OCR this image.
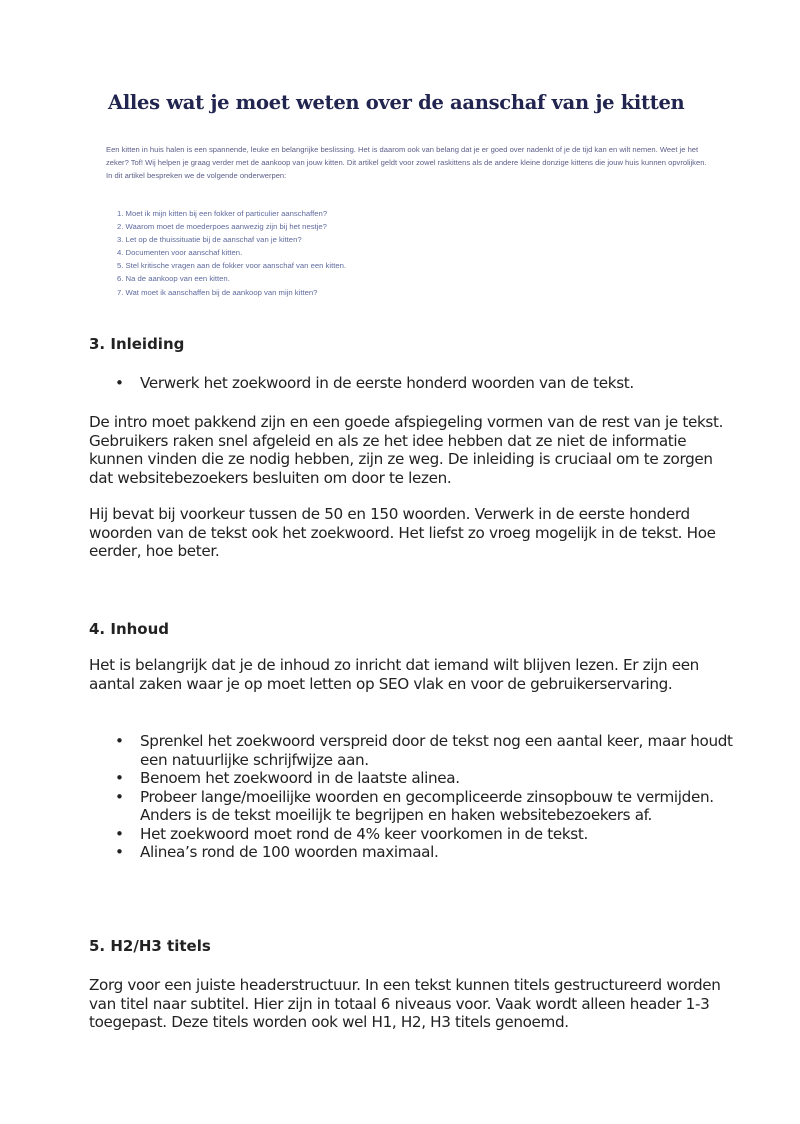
Alles wat je moet weten over de aanschaf van je kitten
Een kitten in huis halen is een spannende, leuke en belangrijke beslissing. Het is daarom ook van belang dat je er goed over nadenkt of je de tijd kan en wilt nemen. Weet je het zeker? Tof! Wij helpen je graag verder met de aankoop van jouw kitten. Dit artikel geldt voor zowel raskittens als de andere kleine donzige kittens die jouw huis kunnen opvrolijken. In dit artikel bespreken we de volgende onderwerpen:
1. Moet ik mijn kitten bij een fokker of particulier aanschaffen?
2. Waarom moet de moederpoes aanwezig zijn bij het nestje?
3. Let op de thuissituatie bij de aanschaf van je kitten?
4. Documenten voor aanschaf kitten.
5. Stel kritische vragen aan de fokker voor aanschaf van een kitten.
6. Na de aankoop van een kitten.
7. Wat moet ik aanschaffen bij de aankoop van mijn kitten?
3. Inleiding
• Verwerk het zoekwoord in de eerste honderd woorden van de tekst.
De intro moet pakkend zijn en een goede afspiegeling vormen van de rest van je tekst. Gebruikers raken snel afgeleid en als ze het idee hebben dat ze niet de informatie kunnen vinden die ze nodig hebben, zijn ze weg. De inleiding is cruciaal om te zorgen dat websitebezoekers besluiten om door te lezen.
Hij bevat bij voorkeur tussen de 50 en 150 woorden. Verwerk in de eerste honderd woorden van de tekst ook het zoekwoord. Het liefst zo vroeg mogelijk in de tekst. Hoe eerder, hoe beter.
4. Inhoud
Het is belangrijk dat je de inhoud zo inricht dat iemand wilt blijven lezen. Er zijn een aantal zaken waar je op moet letten op SEO vlak en voor de gebruikerservaring.
• Sprenkel het zoekwoord verspreid door de tekst nog een aantal keer, maar houdt een natuurlijke schrijfwijze aan.
• Benoem het zoekwoord in de laatste alinea.
• Probeer lange/moeilijke woorden en gecompliceerde zinsopbouw te vermijden. Anders is de tekst moeilijk te begrijpen en haken websitebezoekers af.
• Het zoekwoord moet rond de 4% keer voorkomen in de tekst.
• Alinea’s rond de 100 woorden maximaal.
5. H2/H3 titels
Zorg voor een juiste headerstructuur. In een tekst kunnen titels gestructureerd worden van titel naar subtitel. Hier zijn in totaal 6 niveaus voor. Vaak wordt alleen header 1-3 toegepast. Deze titels worden ook wel H1, H2, H3 titels genoemd.
